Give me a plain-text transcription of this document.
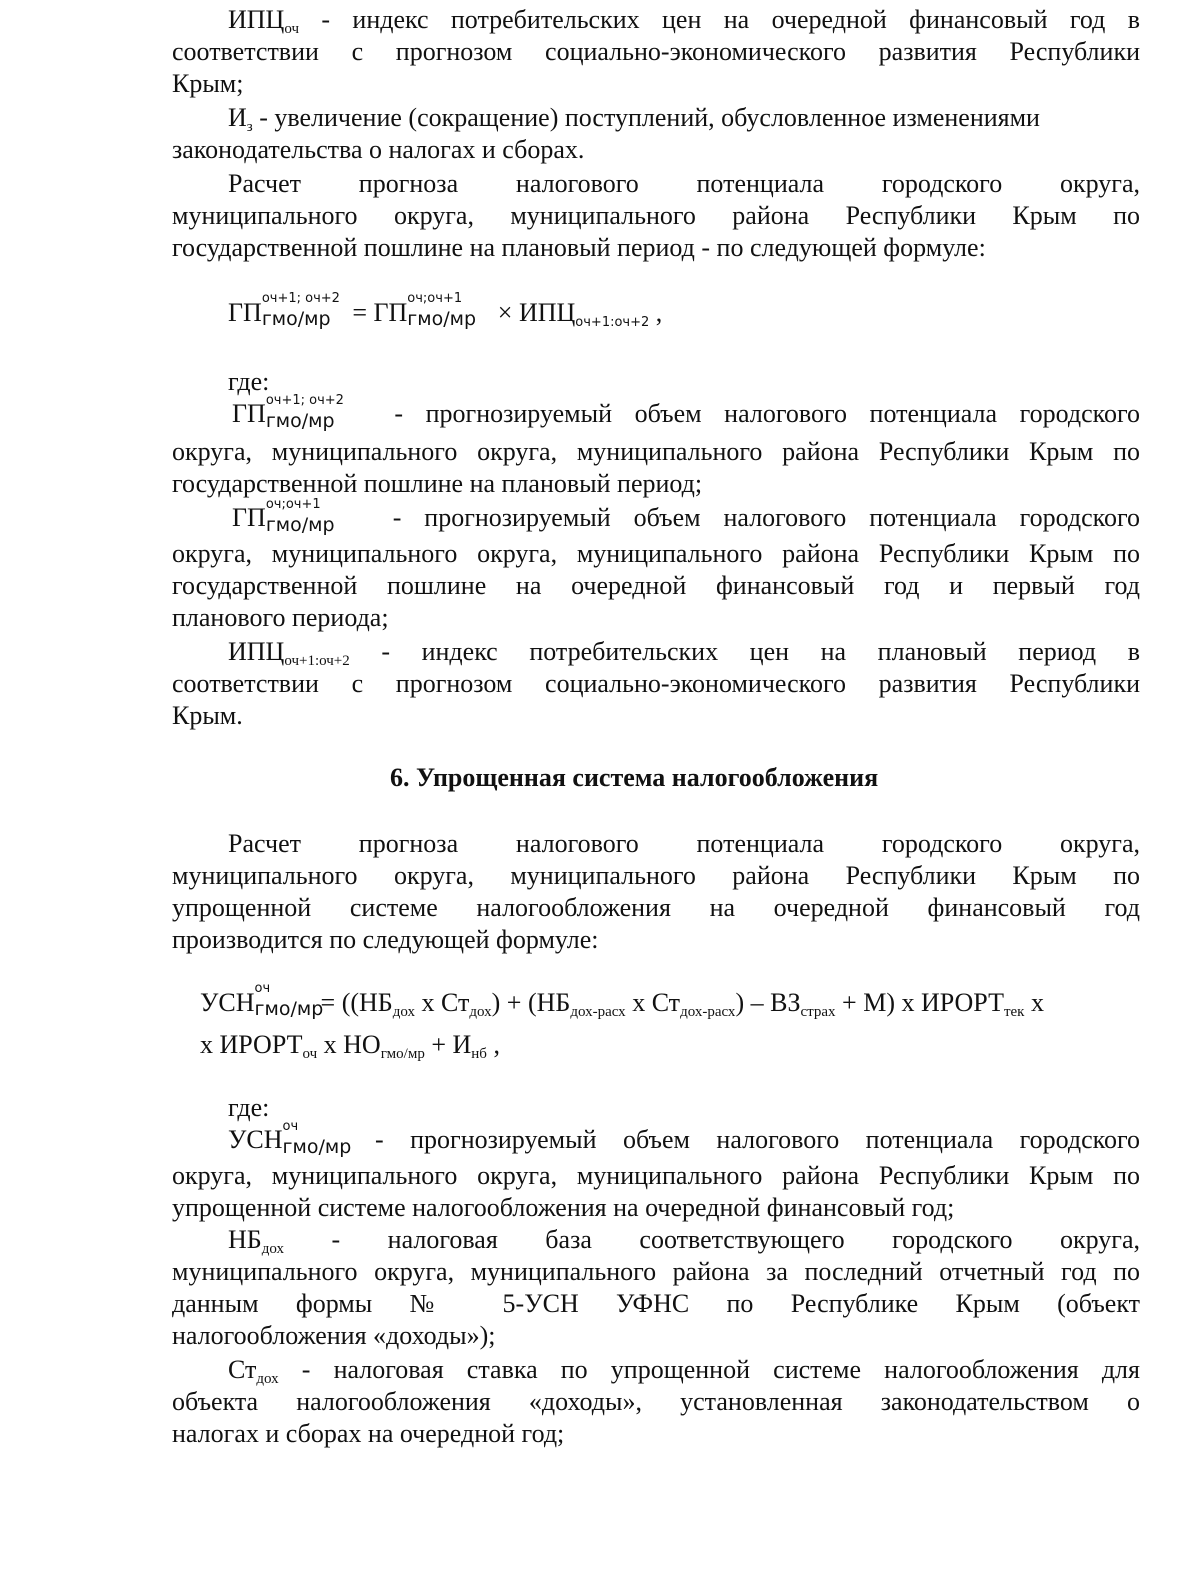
$ИПЦ_{оч}$ - индекс потребительских цен на очередной финансовый год в
соответствии с прогнозом социально-экономического развития Республики
Крым;
$И_з$ - увеличение (сокращение) поступлений, обусловленное изменениями
законодательства о налогах и сборах.
Расчет прогноза налогового потенциала городского округа,
муниципального округа, муниципального района Республики Крым по
государственной пошлине на плановый период - по следующей формуле:
ГП оч+1; оч+2
гмо/мр = ГП оч;оч+1
$гмо/мр \times ИПЦ_{оч+1:оч+2}$ ,
где:
ГП оч+1; оч+2
гмо/мр - прогнозируемый объем налогового потенциала городского
округа, муниципального округа, муниципального района Республики Крым по
государственной пошлине на плановый период;
ГП оч;оч+1
гмо/мр - прогнозируемый объем налогового потенциала городского
округа, муниципального округа, муниципального района Республики Крым по
государственной пошлине на очередной финансовый год и первый год
планового периода;
$ИПЦ_{оч+1:оч+2}$ - индекс потребительских цен на плановый период в
соответствии с прогнозом социально-экономического развития Республики
Крым.
6. Упрощенная система налогообложения
Расчет прогноза налогового потенциала городского округа,
муниципального округа, муниципального района Республики Крым по
упрощенной системе налогообложения на очередной финансовый год
производится по следующей формуле:
УСН оч
гмо/мр
= (($НБ_{дох}$ х $Ст_{дох}) + (НБ_{дох-расх}$ х $Ст_{дох-расх}) - ВЗ_{страх} + М$) х $ИРОРТ_{тек}$ х
х $ИРОРТ_{оч}$ х $НО_{гмо/мр} + И_{нб}$ ,
где:
УСН оч
гмо/мр
- прогнозируемый объем налогового потенциала городского
округа, муниципального округа, муниципального района Республики Крым по
упрощенной системе налогообложения на очередной финансовый год;
$НБ_{дох}$ - налоговая база соответствующего городского округа,
муниципального округа, муниципального района за последний отчетный год по
данным формы № 5-УСН УФНС по Республике Крым (объект
налогообложения «доходы»);
$Ст_{дох}$ - налоговая ставка по упрощенной системе налогообложения для
объекта налогообложения «доходы», установленная законодательством о
налогах и сборах на очередной год;
